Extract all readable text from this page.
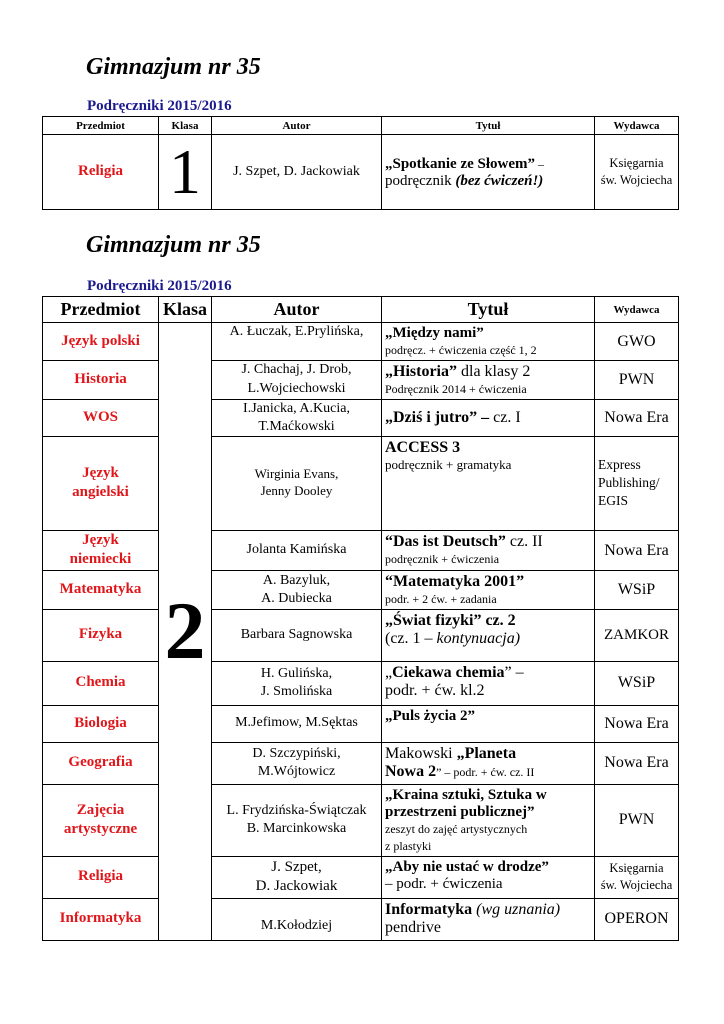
Gimnazjum nr 35
Podręczniki 2015/2016
Przedmiot	Klasa	Autor	Tytuł	Wydawca
Religia	1	J. Szpet, D. Jackowiak	„Spotkanie ze Słowem” –
podręcznik (bez ćwiczeń!)	Księgarnia
św. Wojciecha
Gimnazjum nr 35
Podręczniki 2015/2016
Przedmiot	Klasa	Autor	Tytuł	Wydawca
Język polski	2	A. Łuczak, E.Prylińska,	„Między nami”
podręcz. + ćwiczenia część 1, 2	GWO
Historia		J. Chachaj, J. Drob,
L.Wojciechowski	„Historia” dla klasy 2
Podręcznik 2014 + ćwiczenia	PWN
WOS		I.Janicka, A.Kucia,
T.Maćkowski	„Dziś i jutro” – cz. I	Nowa Era
Język
angielski		Wirginia Evans,
Jenny Dooley	ACCESS 3
podręcznik + gramatyka	Express
Publishing/
EGIS
Język
niemiecki		Jolanta Kamińska	“Das ist Deutsch” cz. II
podręcznik + ćwiczenia	Nowa Era
Matematyka		A. Bazyluk,
A. Dubiecka	“Matematyka 2001”
podr. + 2 ćw. + zadania	WSiP
Fizyka		Barbara Sagnowska	„Świat fizyki” cz. 2
(cz. 1 – kontynuacja)	ZAMKOR
Chemia		H. Gulińska,
J. Smolińska	„Ciekawa chemia” –
podr. + ćw. kl.2	WSiP
Biologia		M.Jefimow, M.Sęktas	„Puls życia 2”	Nowa Era
Geografia		D. Szczypiński,
M.Wójtowicz	Makowski „Planeta
Nowa 2” – podr. + ćw. cz. II	Nowa Era
Zajęcia
artystyczne		L. Frydzińska-Świątczak
B. Marcinkowska	„Kraina sztuki, Sztuka w
przestrzeni publicznej”
zeszyt do zajęć artystycznych
z plastyki	PWN
Religia		J. Szpet,
D. Jackowiak	„Aby nie ustać w drodze”
– podr. + ćwiczenia	Księgarnia
św. Wojciecha
Informatyka		M.Kołodziej	Informatyka (wg uznania)
pendrive	OPERON
